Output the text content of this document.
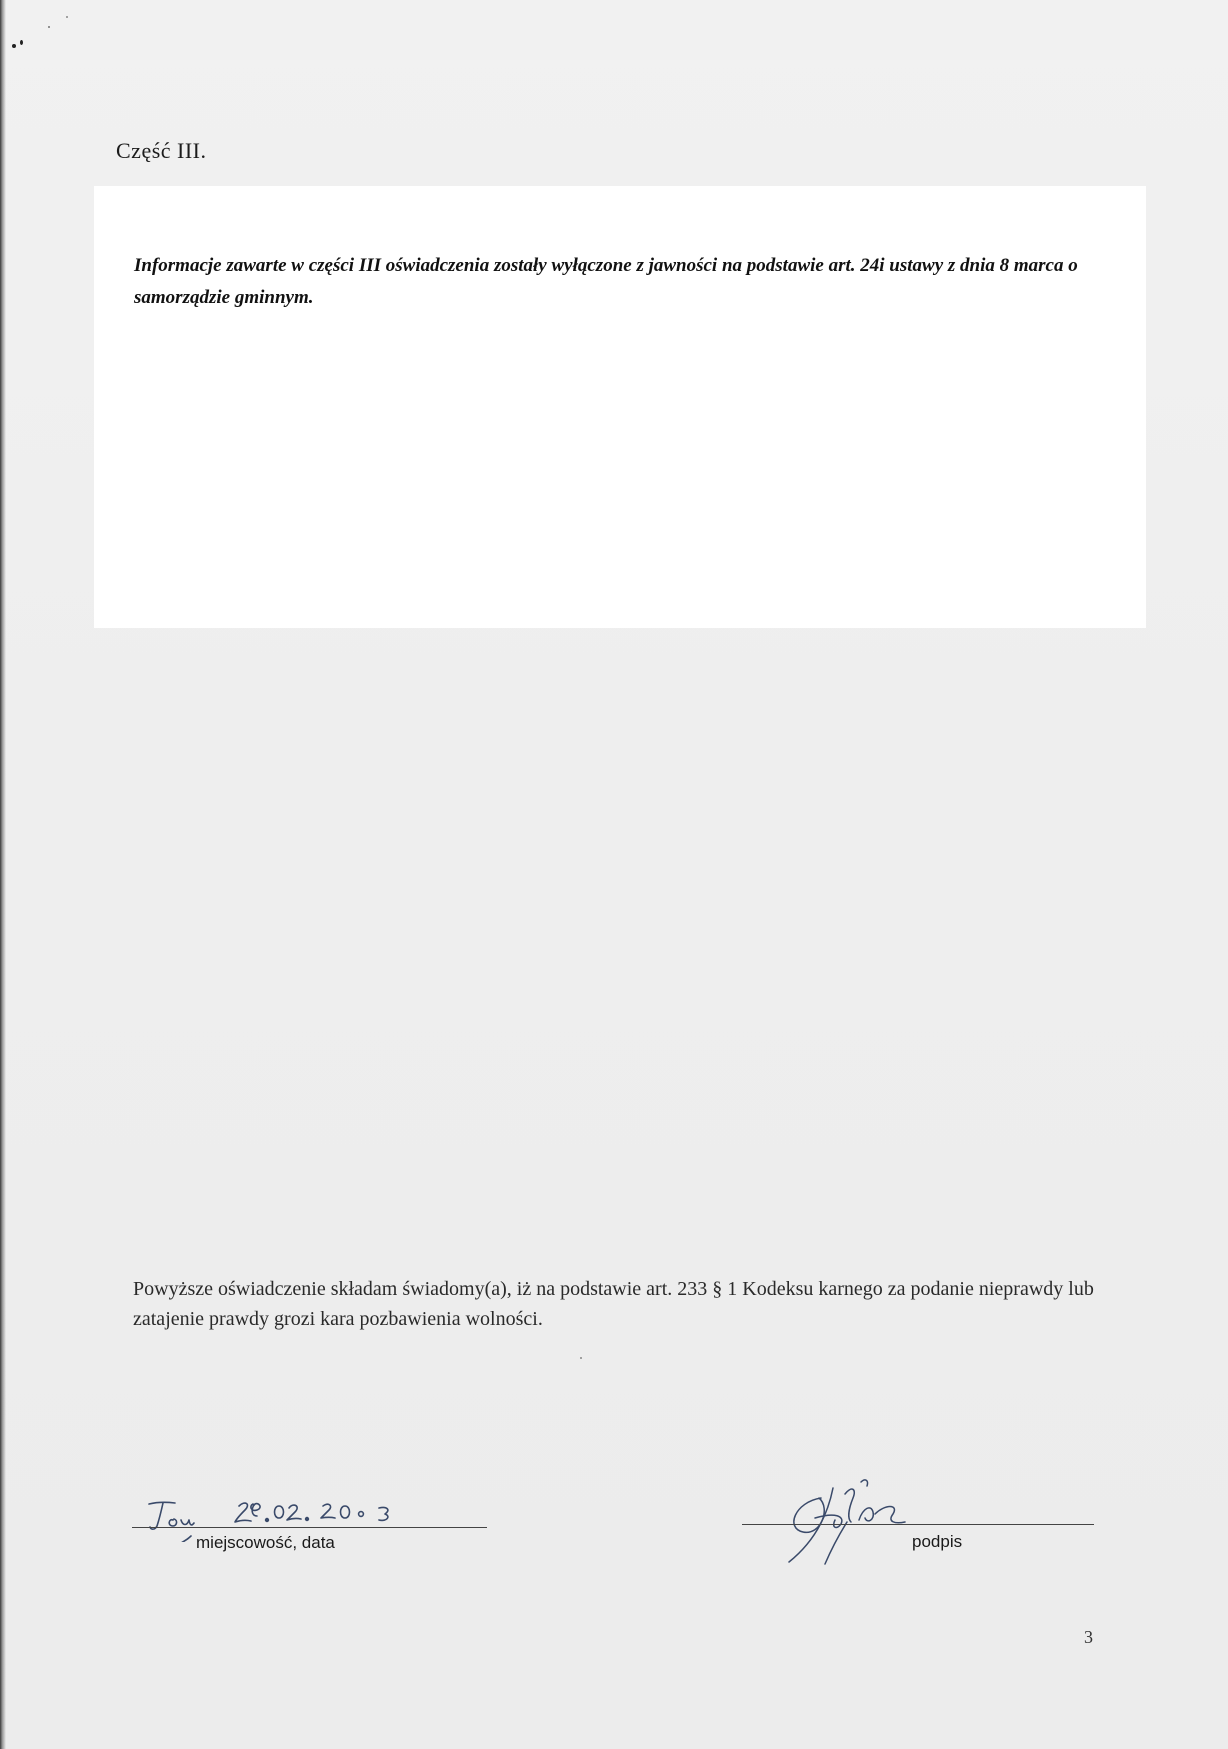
Część III.
Informacje zawarte w części III oświadczenia zostały wyłączone z jawności na podstawie art. 24i ustawy z dnia 8 marca o samorządzie gminnym.
Powyższe oświadczenie składam świadomy(a), iż na podstawie art. 233 § 1 Kodeksu karnego za podanie nieprawdy lub zatajenie prawdy grozi kara pozbawienia wolności.
miejscowość, data	podpis
3
